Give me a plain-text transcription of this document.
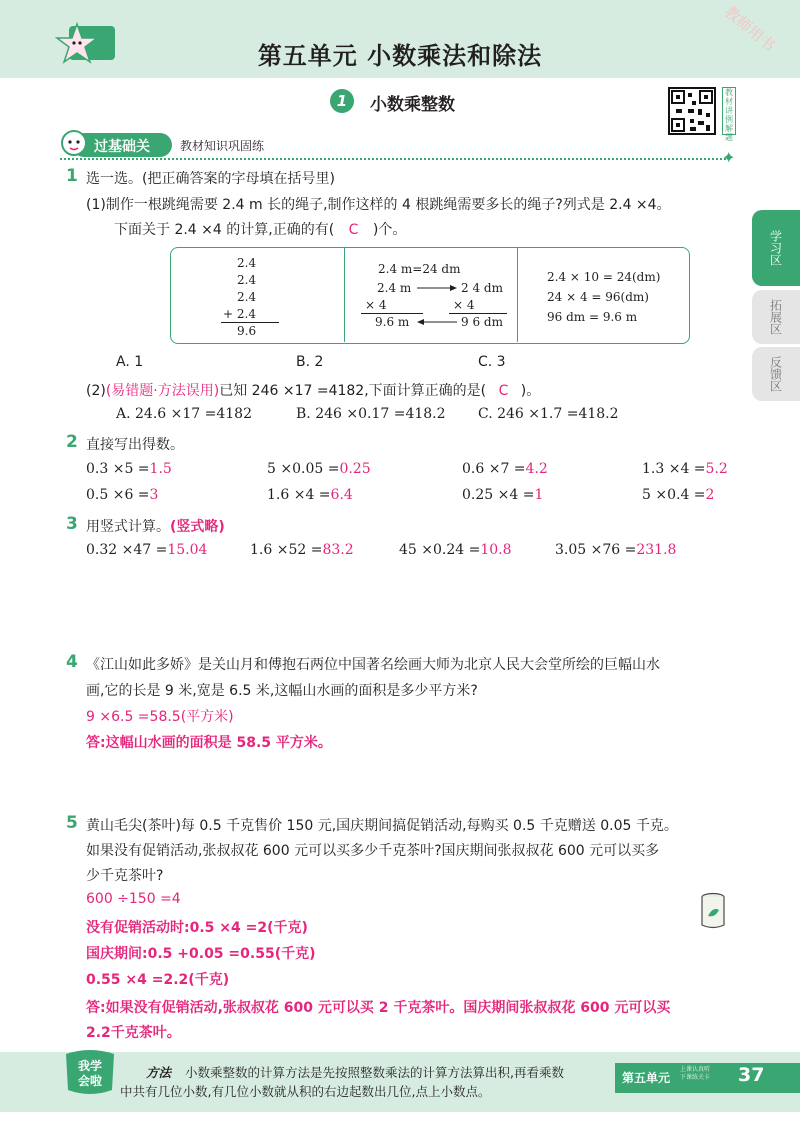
第五单元 小数乘法和除法
教师用书
1	小数乘整数
教材讲例解题
过基础关	教材知识巩固练
✦
学习区
拓展区
反馈区
1 选一选。(把正确答案的字母填在括号里)
(1)制作一根跳绳需要 2.4 m 长的绳子,制作这样的 4 根跳绳需要多长的绳子?列式是 2.4 ×4。
下面关于 2.4 ×4 的计算,正确的有( C )个。
2.4
2.4
2.4
+ 2.4
9.6
2.4 m=24 dm
2.4 m	2 4 dm
× 4	× 4
9.6 m	9 6 dm
2.4 × 10 = 24(dm)
24 × 4 = 96(dm)
96 dm = 9.6 m
A. 1	B. 2	C. 3
(2)(易错题·方法误用)已知 246 ×17 =4182,下面计算正确的是( C )。
A. 24.6 ×17 =4182	B. 246 ×0.17 =418.2 C. 246 ×1.7 =418.2
2 直接写出得数。
0.3 ×5 =1.5	5 ×0.05 =0.25	0.6 ×7 =4.2	1.3 ×4 =5.2
0.5 ×6 =3	1.6 ×4 =6.4	0.25 ×4 =1	5 ×0.4 =2
3 用竖式计算。(竖式略)
0.32 ×47 =15.04	1.6 ×52 =83.2	45 ×0.24 =10.8	3.05 ×76 =231.8
4 《江山如此多娇》是关山月和傅抱石两位中国著名绘画大师为北京人民大会堂所绘的巨幅山水
画,它的长是 9 米,宽是 6.5 米,这幅山水画的面积是多少平方米?
9 ×6.5 =58.5(平方米)
答:这幅山水画的面积是 58.5 平方米。
5 黄山毛尖(茶叶)每 0.5 千克售价 150 元,国庆期间搞促销活动,每购买 0.5 千克赠送 0.05 千克。
如果没有促销活动,张叔叔花 600 元可以买多少千克茶叶?国庆期间张叔叔花 600 元可以买多
少千克茶叶?
600 ÷150 =4
没有促销活动时:0.5 ×4 =2(千克)
国庆期间:0.5 +0.05 =0.55(千克)
0.55 ×4 =2.2(千克)
答:如果没有促销活动,张叔叔花 600 元可以买 2 千克茶叶。国庆期间张叔叔花 600 元可以买
2.2千克茶叶。
我学
会啦
方法 小数乘整数的计算方法是先按照整数乘法的计算方法算出积,再看乘数
中共有几位小数,有几位小数就从积的右边起数出几位,点上小数点。
第五单元
上课认真听 下课练关卡 37
